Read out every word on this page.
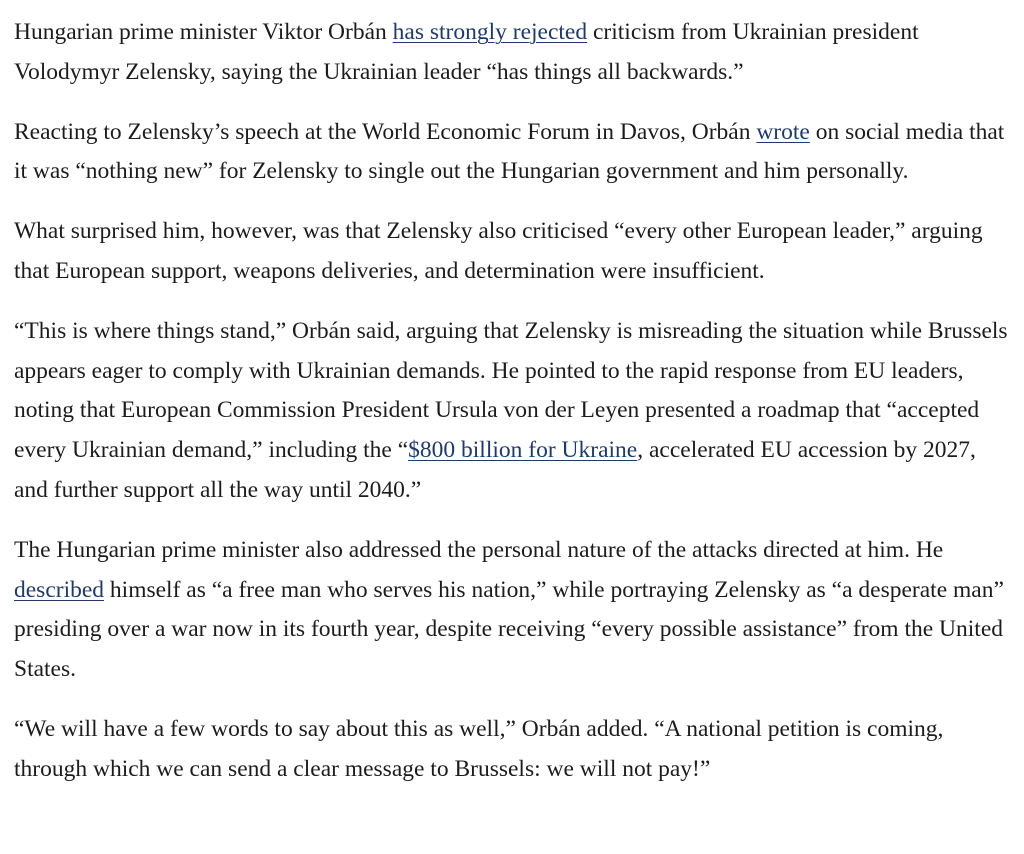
Hungarian prime minister Viktor Orbán has strongly rejected criticism from Ukrainian president Volodymyr Zelensky, saying the Ukrainian leader “has things all backwards.”

Reacting to Zelensky’s speech at the World Economic Forum in Davos, Orbán wrote on social media that it was “nothing new” for Zelensky to single out the Hungarian government and him personally.

What surprised him, however, was that Zelensky also criticised “every other European leader,” arguing that European support, weapons deliveries, and determination were insufficient.

“This is where things stand,” Orbán said, arguing that Zelensky is misreading the situation while Brussels appears eager to comply with Ukrainian demands. He pointed to the rapid response from EU leaders, noting that European Commission President Ursula von der Leyen presented a roadmap that “accepted every Ukrainian demand,” including the “$800 billion for Ukraine, accelerated EU accession by 2027, and further support all the way until 2040.”

The Hungarian prime minister also addressed the personal nature of the attacks directed at him. He described himself as “a free man who serves his nation,” while portraying Zelensky as “a desperate man” presiding over a war now in its fourth year, despite receiving “every possible assistance” from the United States.

“We will have a few words to say about this as well,” Orbán added. “A national petition is coming, through which we can send a clear message to Brussels: we will not pay!”
